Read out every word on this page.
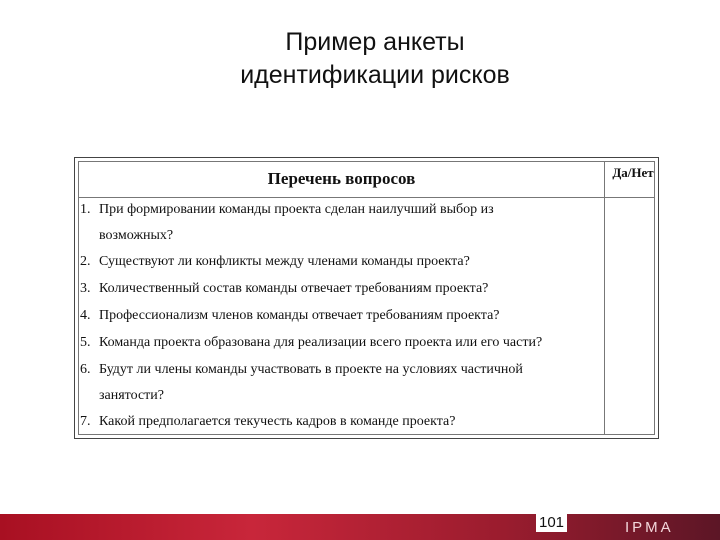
Пример анкеты
идентификации рисков
Перечень вопросов	Да/Нет
1. При формировании команды проекта сделан наилучший выбор из
возможных?
2. Существуют ли конфликты между членами команды проекта?
3. Количественный состав команды отвечает требованиям проекта?
4. Профессионализм членов команды отвечает требованиям проекта?
5. Команда проекта образована для реализации всего проекта или его части?
6. Будут ли члены команды участвовать в проекте на условиях частичной
занятости?
7. Какой предполагается текучесть кадров в команде проекта?
101	IPMA
